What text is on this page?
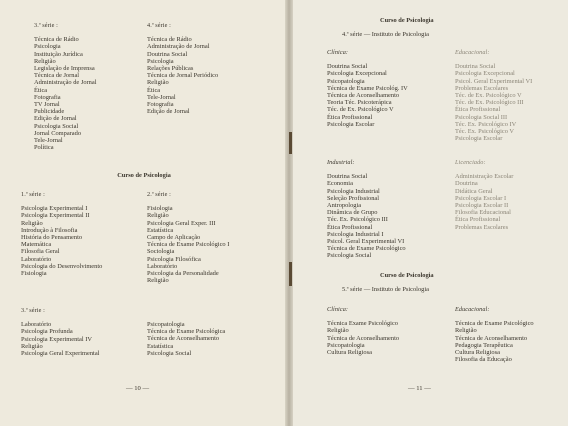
3.ª série :
Técnica de Rádio
Psicologia
Instituição Jurídica
Religião
Legislação de Imprensa
Técnica de Jornal
Administração de Jornal
Ética
Fotografia
TV Jornal
Publicidade
Edição de Jornal
Psicologia Social
Jornal Comparado
Tele-Jornal
Política
4.ª série :
Técnica de Rádio
Administração de Jornal
Doutrina Social
Psicologia
Relações Públicas
Técnica de Jornal Periódico
Religião
Ética
Tele-Jornal
Fotografia
Edição de Jornal
Curso de Psicologia
1.ª série :
Psicologia Experimental I
Psicologia Experimental II
Religião
Introdução à Filosofia
História do Pensamento
Matemática
Filosofia Geral
Laboratório
Psicologia do Desenvolvimento
Fisiologia
2.ª série :
Fisiologia
Religião
Psicologia Geral Exper. III
Estatística
Campo de Aplicação
Técnica de Exame Psicológico I
Sociologia
Psicologia Filosófica
Laboratório
Psicologia da Personalidade
Religião
3.ª série :
Laboratório
Psicologia Profunda
Psicologia Experimental IV
Religião
Psicologia Geral Experimental
Psicopatologia
Técnica de Exame Psicológica
Técnica de Aconselhamento
Estatística
Psicologia Social
— 10 —
Curso de Psicologia
4.ª série — Instituto de Psicologia
Clínica:
Doutrina Social
Psicologia Excepcional
Psicopatologia
Técnica de Exame Psicológ. IV
Técnica de Aconselhamento
Teoria Téc. Psicoterápica
Téc. de Ex. Psicológico V
Ética Profissional
Psicologia Escolar
Educacional:
Doutrina Social
Psicologia Excepcional
Psicol. Geral Experimental VI
Problemas Escolares
Téc. de Ex. Psicológico V
Téc. de Ex. Psicológico III
Ética Profissional
Psicologia Social III
Téc. Ex. Psicológico IV
Téc. Ex. Psicológico V
Psicologia Escolar
Industrial:
Doutrina Social
Economia
Psicologia Industrial
Seleção Profissional
Antropologia
Dinâmica de Grupo
Téc. Ex. Psicológico III
Ética Profissional
Psicologia Industrial I
Psicol. Geral Experimental VI
Técnica de Exame Psicológico
Psicologia Social
Licenciado:
Administração Escolar
Doutrina
Didática Geral
Psicologia Escolar I
Psicologia Escolar II
Filosofia Educacional
Ética Profissional
Problemas Escolares
Curso de Psicologia
5.ª série — Instituto de Psicologia
Clínica:
Técnica Exame Psicológico
Religião
Técnica de Aconselhamento
Psicopatologia
Cultura Religiosa
Educacional:
Técnica de Exame Psicológico
Religião
Técnica de Aconselhamento
Pedagogia Terapêutica
Cultura Religiosa
Filosofia da Educação
— 11 —
